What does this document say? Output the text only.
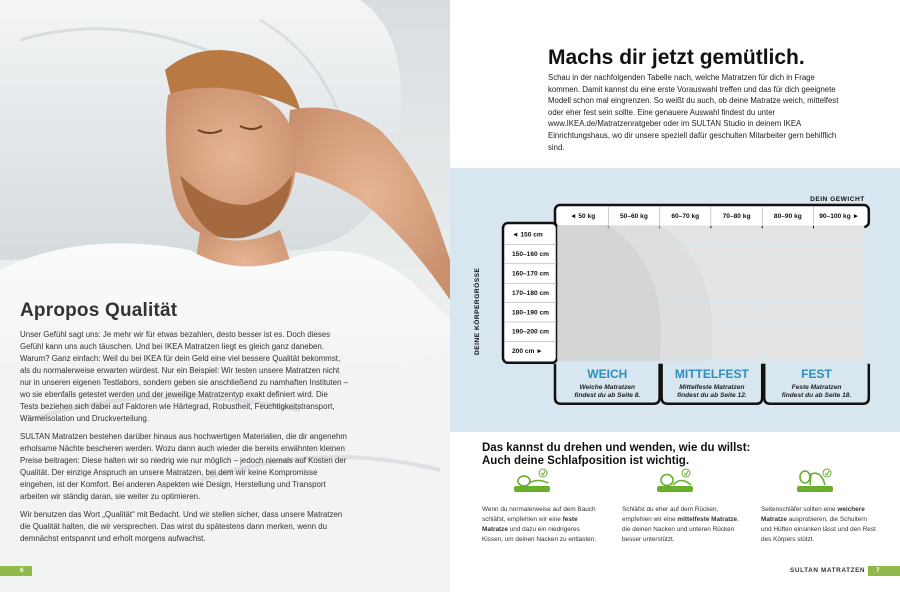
Apropos Qualität

Unser Gefühl sagt uns: Je mehr wir für etwas bezahlen, desto besser ist es. Doch dieses Gefühl kann uns auch täuschen. Und bei IKEA Matratzen liegt es gleich ganz daneben. Warum? Ganz einfach: Weil du bei IKEA für dein Geld eine viel bessere Qualität bekommst, als du normalerweise erwarten würdest. Nur ein Beispiel: Wir testen unsere Matratzen nicht nur in unseren eigenen Testlabors, sondern geben sie anschließend zu namhaften Instituten – wo sie ebenfalls getestet werden und der jeweilige Matratzentyp exakt definiert wird. Die Tests beziehen sich dabei auf Faktoren wie Härtegrad, Robustheit, Feuchtigkeitstransport, Wärmeisolation und Druckverteilung.

SULTAN Matratzen bestehen darüber hinaus aus hochwertigen Materialien, die dir angenehm erholsame Nächte bescheren werden. Wozu dann auch wieder die bereits erwähnten kleinen Preise beitragen: Diese halten wir so niedrig wie nur möglich – jedoch niemals auf Kosten der Qualität. Der einzige Anspruch an unsere Matratzen, bei dem wir keine Kompromisse eingehen, ist der Komfort. Bei anderen Aspekten wie Design, Herstellung und Transport arbeiten wir ständig daran, sie weiter zu optimieren.

Wir benutzen das Wort „Qualität“ mit Bedacht. Und wir stellen sicher, dass unsere Matratzen die Qualität halten, die wir versprechen. Das wirst du spätestens dann merken, wenn du demnächst entspannt und erholt morgens aufwachst.

6
Machs dir jetzt gemütlich.

Schau in der nachfolgenden Tabelle nach, welche Matratzen für dich in Frage kommen. Damit kannst du eine erste Vorauswahl treffen und das für dich geeignete Modell schon mal eingrenzen. So weißt du auch, ob deine Matratze weich, mittelfest oder eher fest sein sollte. Eine genauere Auswahl findest du unter www.IKEA.de/Matratzenratgeber oder im SULTAN Studio in deinem IKEA Einrichtungshaus, wo dir unsere speziell dafür geschulten Mitarbeiter gern behilflich sind.

DEIN GEWICHT
DEINE KÖRPERGRÖSSE
◄ 50 kg	50–60 kg	60–70 kg	70–80 kg	80–90 kg	90–100 kg ►
◄ 150 cm
150–160 cm
160–170 cm
170–180 cm
180–190 cm
190–200 cm
200 cm ►
WEICH
Weiche Matratzen
findest du ab Seite 8.
MITTELFEST
Mittelfeste Matratzen
findest du ab Seite 12.
FEST
Feste Matratzen
findest du ab Seite 18.
Das kannst du drehen und wenden, wie du willst:
Auch deine Schlafposition ist wichtig.

Wenn du normalerweise auf dem Bauch schläfst, empfehlen wir eine feste Matratze und dazu ein niedrigeres Kissen, um deinen Nacken zu entlasten.

Schläfst du eher auf dem Rücken, empfehlen wir eine mittelfeste Matratze, die deinen Nacken und unteren Rücken besser unterstützt.

Seitenschläfer sollten eine weichere Matratze ausprobieren, die Schultern und Hüften einsinken lässt und den Rest des Körpers stützt.

SULTAN MATRATZEN 7
